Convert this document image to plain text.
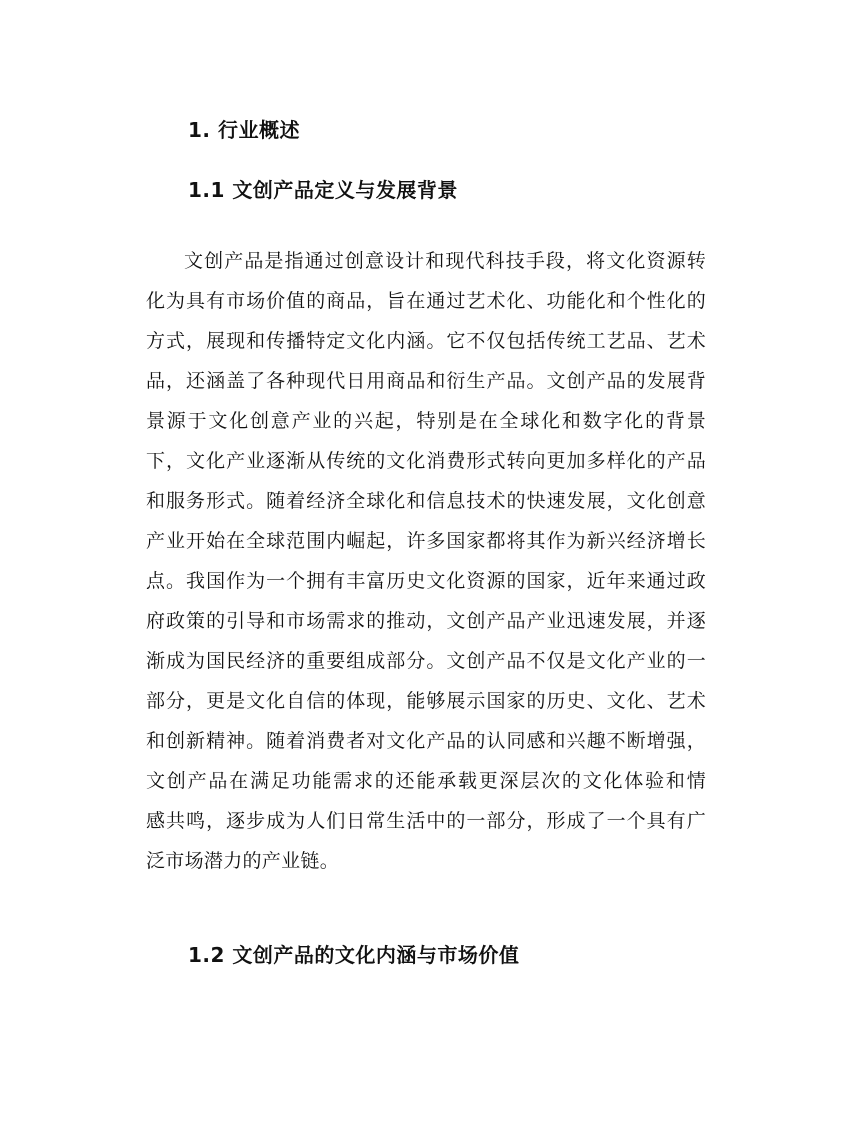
1. 行业概述
1.1 文创产品定义与发展背景
文创产品是指通过创意设计和现代科技手段，将文化资源转
化为具有市场价值的商品，旨在通过艺术化、功能化和个性化的
方式，展现和传播特定文化内涵。它不仅包括传统工艺品、艺术
品，还涵盖了各种现代日用商品和衍生产品。文创产品的发展背
景源于文化创意产业的兴起，特别是在全球化和数字化的背景
下，文化产业逐渐从传统的文化消费形式转向更加多样化的产品
和服务形式。随着经济全球化和信息技术的快速发展，文化创意
产业开始在全球范围内崛起，许多国家都将其作为新兴经济增长
点。我国作为一个拥有丰富历史文化资源的国家，近年来通过政
府政策的引导和市场需求的推动，文创产品产业迅速发展，并逐
渐成为国民经济的重要组成部分。文创产品不仅是文化产业的一
部分，更是文化自信的体现，能够展示国家的历史、文化、艺术
和创新精神。随着消费者对文化产品的认同感和兴趣不断增强，
文创产品在满足功能需求的还能承载更深层次的文化体验和情
感共鸣，逐步成为人们日常生活中的一部分，形成了一个具有广
泛市场潜力的产业链。
1.2 文创产品的文化内涵与市场价值
